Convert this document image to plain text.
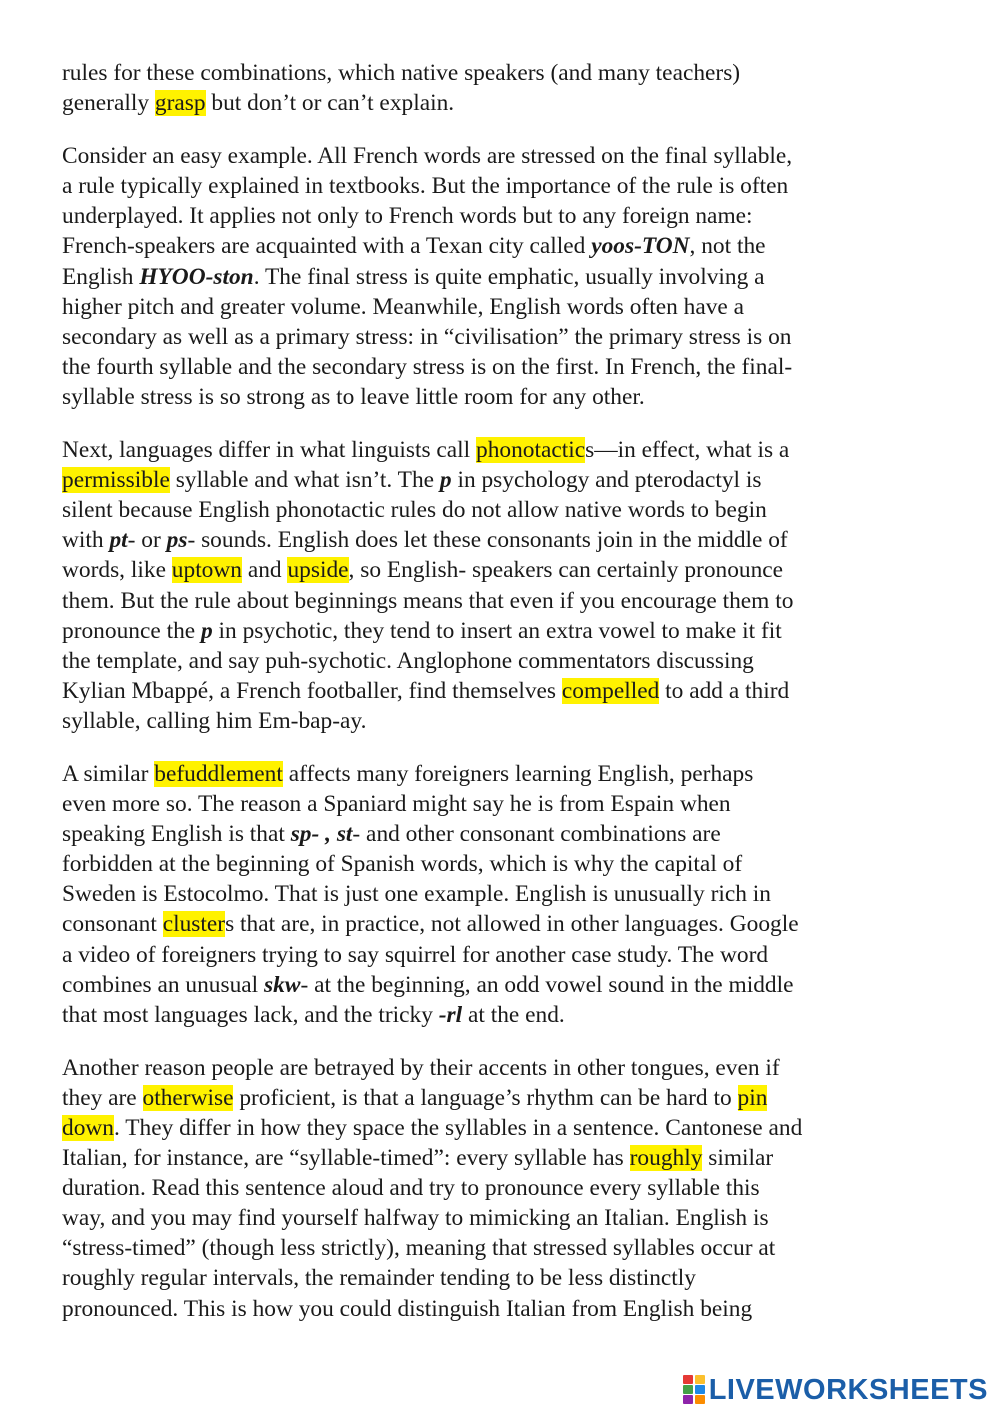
rules for these combinations, which native speakers (and many teachers)
generally grasp but don’t or can’t explain.

Consider an easy example. All French words are stressed on the final syllable,
a rule typically explained in textbooks. But the importance of the rule is often
underplayed. It applies not only to French words but to any foreign name:
French-speakers are acquainted with a Texan city called yoos-TON, not the
English HYOO-ston. The final stress is quite emphatic, usually involving a
higher pitch and greater volume. Meanwhile, English words often have a
secondary as well as a primary stress: in “civilisation” the primary stress is on
the fourth syllable and the secondary stress is on the first. In French, the final-
syllable stress is so strong as to leave little room for any other.

Next, languages differ in what linguists call phonotactics—in effect, what is a
permissible syllable and what isn’t. The p in psychology and pterodactyl is
silent because English phonotactic rules do not allow native words to begin
with pt- or ps- sounds. English does let these consonants join in the middle of
words, like uptown and upside, so English- speakers can certainly pronounce
them. But the rule about beginnings means that even if you encourage them to
pronounce the p in psychotic, they tend to insert an extra vowel to make it fit
the template, and say puh-sychotic. Anglophone commentators discussing
Kylian Mbappé, a French footballer, find themselves compelled to add a third
syllable, calling him Em-bap-ay.

A similar befuddlement affects many foreigners learning English, perhaps
even more so. The reason a Spaniard might say he is from Espain when
speaking English is that sp- , st- and other consonant combinations are
forbidden at the beginning of Spanish words, which is why the capital of
Sweden is Estocolmo. That is just one example. English is unusually rich in
consonant clusters that are, in practice, not allowed in other languages. Google
a video of foreigners trying to say squirrel for another case study. The word
combines an unusual skw- at the beginning, an odd vowel sound in the middle
that most languages lack, and the tricky -rl at the end.

Another reason people are betrayed by their accents in other tongues, even if
they are otherwise proficient, is that a language’s rhythm can be hard to pin
down. They differ in how they space the syllables in a sentence. Cantonese and
Italian, for instance, are “syllable-timed”: every syllable has roughly similar
duration. Read this sentence aloud and try to pronounce every syllable this
way, and you may find yourself halfway to mimicking an Italian. English is
“stress-timed” (though less strictly), meaning that stressed syllables occur at
roughly regular intervals, the remainder tending to be less distinctly
pronounced. This is how you could distinguish Italian from English being

LIVEWORKSHEETS
